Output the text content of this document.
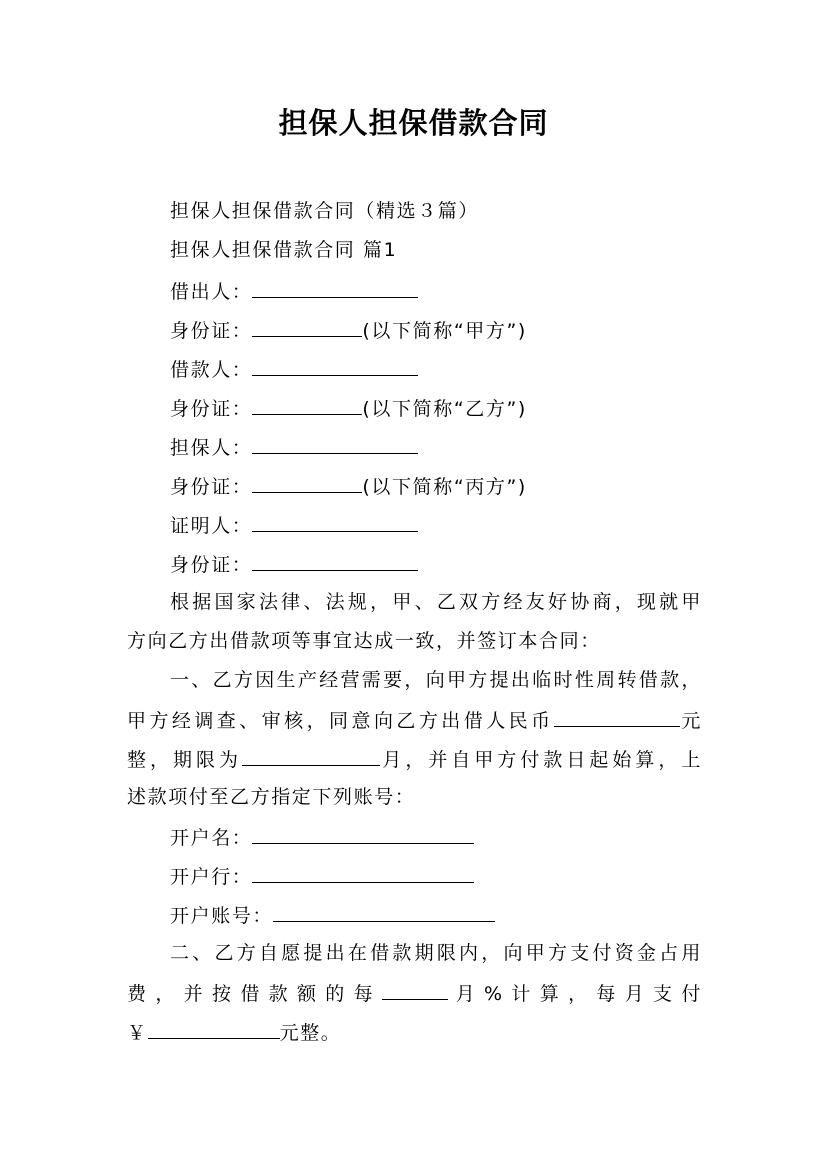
担保人担保借款合同
担保人担保借款合同（精选３篇）
担保人担保借款合同 篇1
借出人：
身份证：	(以下简称“甲方”)
借款人：
身份证：	(以下简称“乙方”)
担保人：
身份证：	(以下简称“丙方”)
证明人：
身份证：
根据国家法律、法规，甲、乙双方经友好协商，现就甲
方向乙方出借款项等事宜达成一致，并签订本合同：
一、乙方因生产经营需要，向甲方提出临时性周转借款，
甲方经调查、审核，同意向乙方出借人民币	元
整，期限为	月，并自甲方付款日起始算，上
述款项付至乙方指定下列账号：
开户名：
开户行：
开户账号：
二、乙方自愿提出在借款期限内，向甲方支付资金占用
费，并按借款额的每	月%计算，每月支付
￥	元整。
